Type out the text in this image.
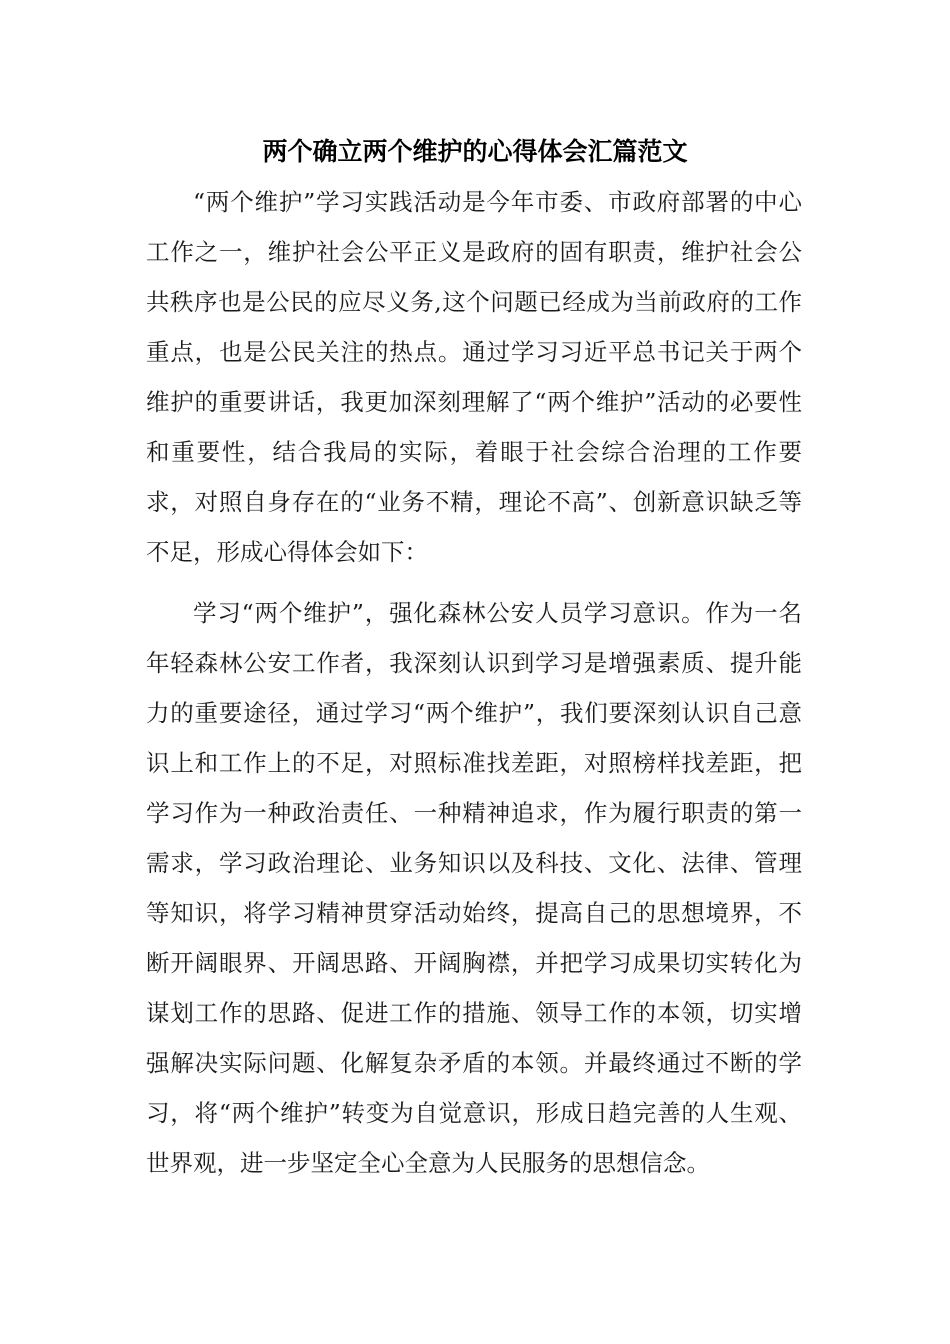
两个确立两个维护的心得体会汇篇范文

“两个维护”学习实践活动是今年市委、市政府部署的中心工作之一，维护社会公平正义是政府的固有职责，维护社会公共秩序也是公民的应尽义务,这个问题已经成为当前政府的工作重点，也是公民关注的热点。通过学习习近平总书记关于两个维护的重要讲话，我更加深刻理解了“两个维护”活动的必要性和重要性，结合我局的实际，着眼于社会综合治理的工作要求，对照自身存在的“业务不精，理论不高”、创新意识缺乏等不足，形成心得体会如下：

学习“两个维护”，强化森林公安人员学习意识。作为一名年轻森林公安工作者，我深刻认识到学习是增强素质、提升能力的重要途径，通过学习“两个维护”，我们要深刻认识自己意识上和工作上的不足，对照标准找差距，对照榜样找差距，把学习作为一种政治责任、一种精神追求，作为履行职责的第一需求，学习政治理论、业务知识以及科技、文化、法律、管理等知识，将学习精神贯穿活动始终，提高自己的思想境界，不断开阔眼界、开阔思路、开阔胸襟，并把学习成果切实转化为谋划工作的思路、促进工作的措施、领导工作的本领，切实增强解决实际问题、化解复杂矛盾的本领。并最终通过不断的学习，将“两个维护”转变为自觉意识，形成日趋完善的人生观、世界观，进一步坚定全心全意为人民服务的思想信念。
